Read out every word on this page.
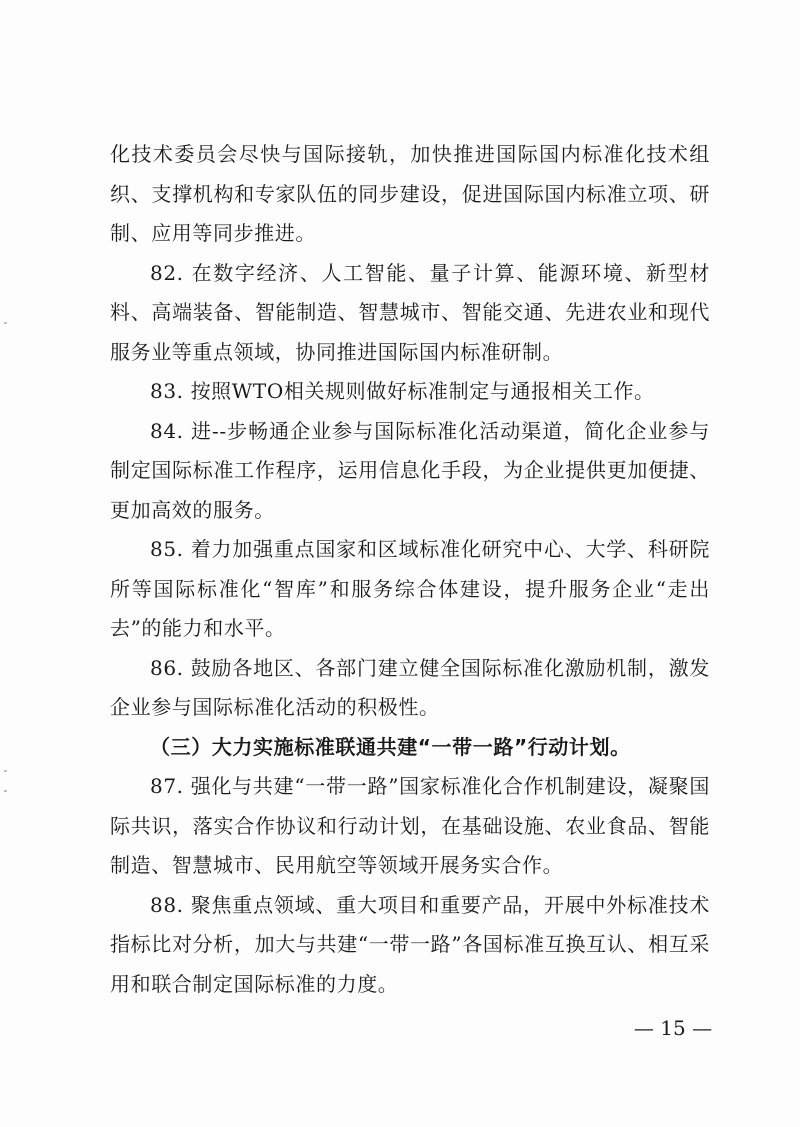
化技术委员会尽快与国际接轨，加快推进国际国内标准化技术组织、支撑机构和专家队伍的同步建设，促进国际国内标准立项、研制、应用等同步推进。

82. 在数字经济、人工智能、量子计算、能源环境、新型材料、高端装备、智能制造、智慧城市、智能交通、先进农业和现代服务业等重点领域，协同推进国际国内标准研制。

83. 按照WTO相关规则做好标准制定与通报相关工作。

84. 进--步畅通企业参与国际标准化活动渠道，简化企业参与制定国际标准工作程序，运用信息化手段，为企业提供更加便捷、更加高效的服务。

85. 着力加强重点国家和区域标准化研究中心、大学、科研院所等国际标准化“智库”和服务综合体建设，提升服务企业“走出去”的能力和水平。

86. 鼓励各地区、各部门建立健全国际标准化激励机制，激发企业参与国际标准化活动的积极性。

（三）大力实施标准联通共建“一带一路”行动计划。

87. 强化与共建“一带一路”国家标准化合作机制建设，凝聚国际共识，落实合作协议和行动计划，在基础设施、农业食品、智能制造、智慧城市、民用航空等领域开展务实合作。

88. 聚焦重点领域、重大项目和重要产品，开展中外标准技术指标比对分析，加大与共建“一带一路”各国标准互换互认、相互采用和联合制定国际标准的力度。

— 15 —
